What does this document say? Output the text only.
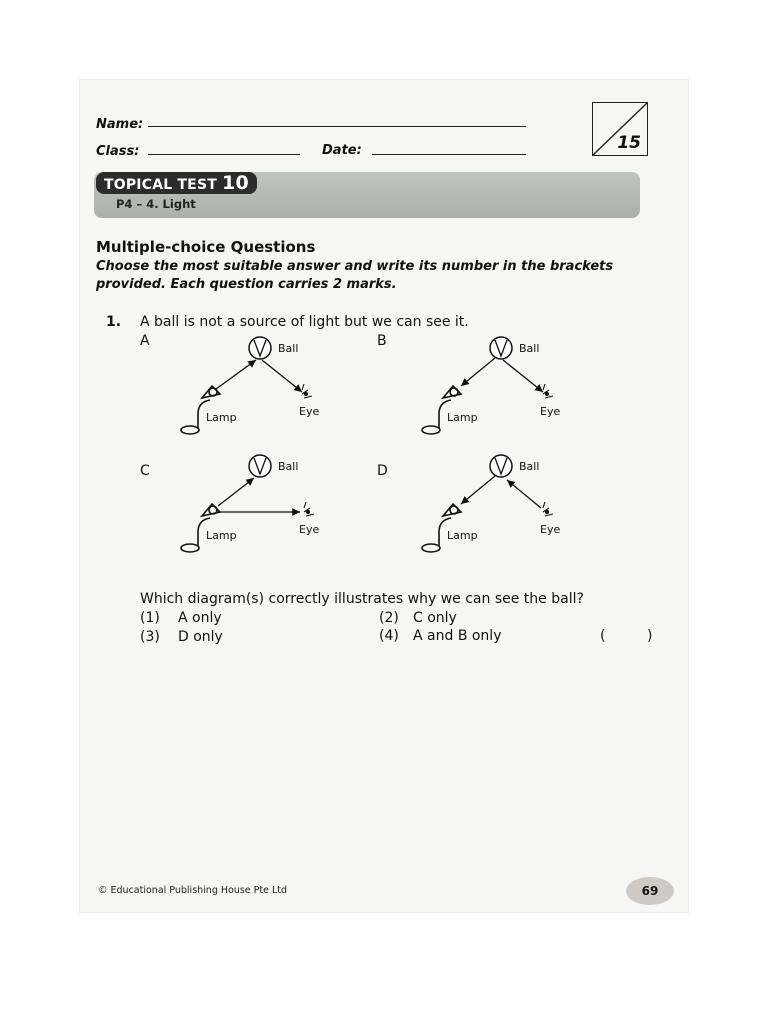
Name:
Class:	Date:	15
TOPICAL TEST 10
P4 – 4. Light
Multiple-choice Questions
Choose the most suitable answer and write its number in the brackets provided. Each question carries 2 marks.
1. A ball is not a source of light but we can see it.
A	B
C	D
Ball
Lamp	Eye
Ball
Lamp	Eye
Ball
Lamp	Eye
Ball
Lamp	Eye
Which diagram(s) correctly illustrates why we can see the ball?
(1) A only	(2) C only
(3) D only	(4) A and B only	(	)
© Educational Publishing House Pte Ltd	69
